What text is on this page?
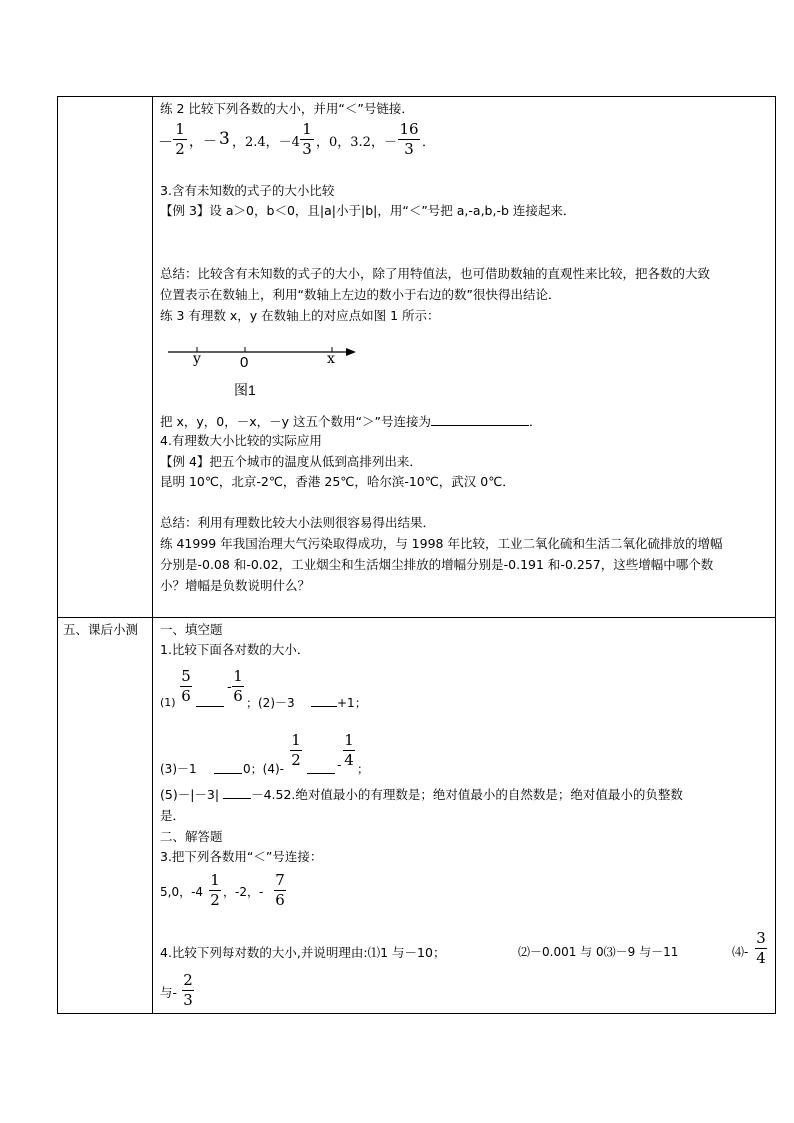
练 2 比较下列各数的大小，并用“＜”号链接．
－
1
2 ，－ 3 ，2.4，－4
1
3 ，0，3.2，－
16
3 ．
3.含有未知数的式子的大小比较
【例 3】设 a＞0，b＜0，且|a|小于|b|，用“＜”号把 a,-a,b,-b 连接起来．
总结：比较含有未知数的式子的大小，除了用特值法，也可借助数轴的直观性来比较，把各数的大致
位置表示在数轴上，利用“数轴上左边的数小于右边的数”很快得出结论．
练 3 有理数 x，y 在数轴上的对应点如图 1 所示：
y	0	x
图1
把 x，y，0，－x，－y 这五个数用“＞”号连接为	．
4.有理数大小比较的实际应用
【例 4】把五个城市的温度从低到高排列出来．
昆明 10℃，北京-2℃，香港 25℃，哈尔滨-10℃，武汉 0℃．
总结：利用有理数比较大小法则很容易得出结果．
练 41999 年我国治理大气污染取得成功，与 1998 年比较，工业二氧化硫和生活二氧化硫排放的增幅
分别是-0.08 和-0.02，工业烟尘和生活烟尘排放的增幅分别是-0.191 和-0.257，这些增幅中哪个数
小？增幅是负数说明什么？
五、课后小测 一、填空题
1.比较下面各对数的大小．
(1)
5
6	-
1
6 ；(2)－3	+1；
(3)－1	0；(4)-
1
2	-
1
4 ；
(5)－|－3|	－4.52.绝对值最小的有理数是；绝对值最小的自然数是；绝对值最小的负整数
是．
二、解答题
3.把下列各数用“＜”号连接：
5,0，-4
1
2 ，-2，-
7
6
4.比较下列每对数的大小,并说明理由:⑴1 与－10；	⑵－0.001 与 0⑶－9 与－11	⑷-
3
4
与-
2
3
